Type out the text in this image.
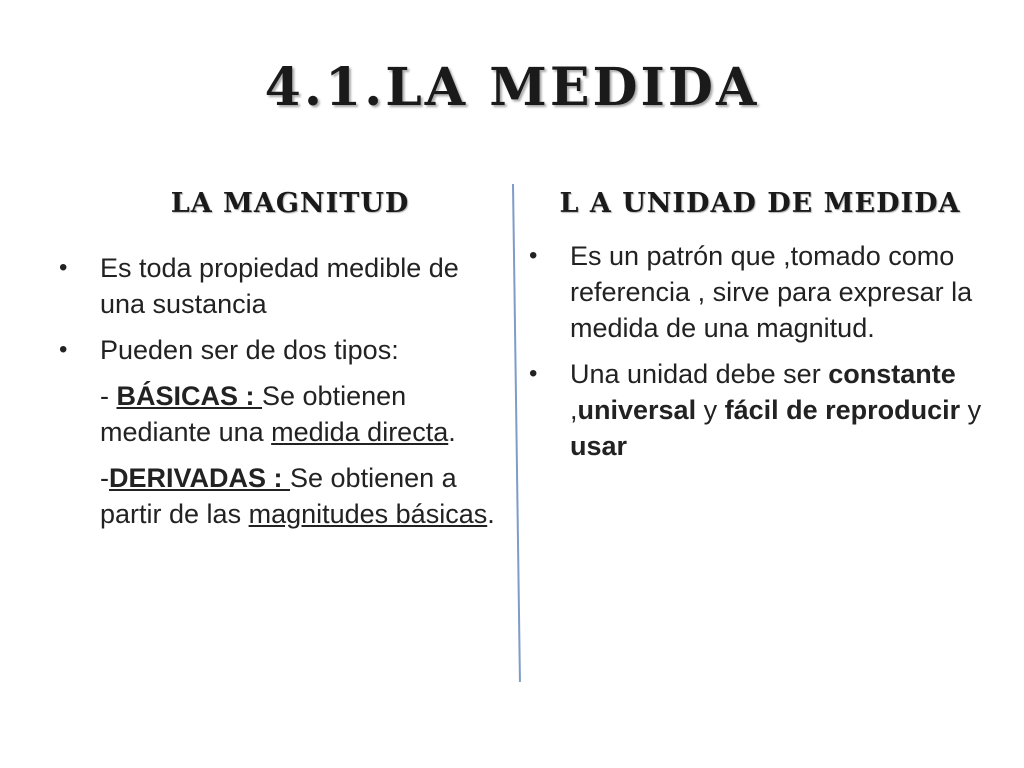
4.1.LA MEDIDA
LA MAGNITUD	L A UNIDAD DE MEDIDA
• Es toda propiedad medible de una sustancia
• Pueden ser de dos tipos:
- BÁSICAS : Se obtienen mediante una medida directa.
-DERIVADAS : Se obtienen a partir de las magnitudes básicas.
• Es un patrón que ,tomado como referencia , sirve para expresar la medida de una magnitud.
• Una unidad debe ser constante ,universal y fácil de reproducir y usar
